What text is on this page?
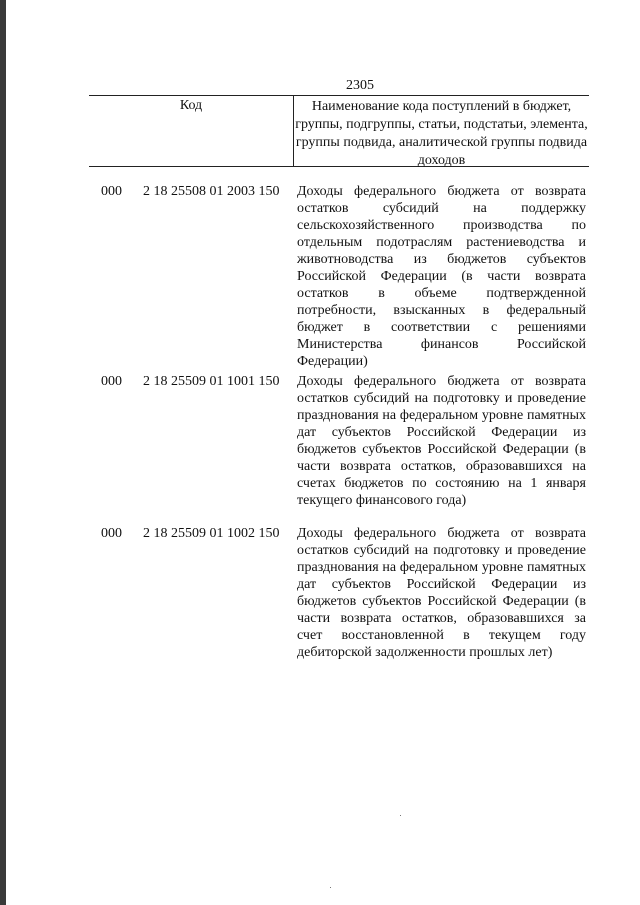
2305
Код	Наименование кода поступлений в бюджет, группы, подгруппы, статьи, подстатьи, элемента, группы подвида, аналитической группы подвида доходов
000 2 18 25508 01 2003 150 Доходы федерального бюджета от возврата остатков субсидий на поддержку сельскохозяйственного производства по отдельным подотраслям растениеводства и животноводства из бюджетов субъектов Российской Федерации (в части возврата остатков в объеме подтвержденной потребности, взысканных в федеральный бюджет в соответствии с решениями Министерства финансов Российской Федерации)
000 2 18 25509 01 1001 150 Доходы федерального бюджета от возврата остатков субсидий на подготовку и проведение празднования на федеральном уровне памятных дат субъектов Российской Федерации из бюджетов субъектов Российской Федерации (в части возврата остатков, образовавшихся на счетах бюджетов по состоянию на 1 января текущего финансового года)
000 2 18 25509 01 1002 150 Доходы федерального бюджета от возврата остатков субсидий на подготовку и проведение празднования на федеральном уровне памятных дат субъектов Российской Федерации из бюджетов субъектов Российской Федерации (в части возврата остатков, образовавшихся за счет восстановленной в текущем году дебиторской задолженности прошлых лет)
